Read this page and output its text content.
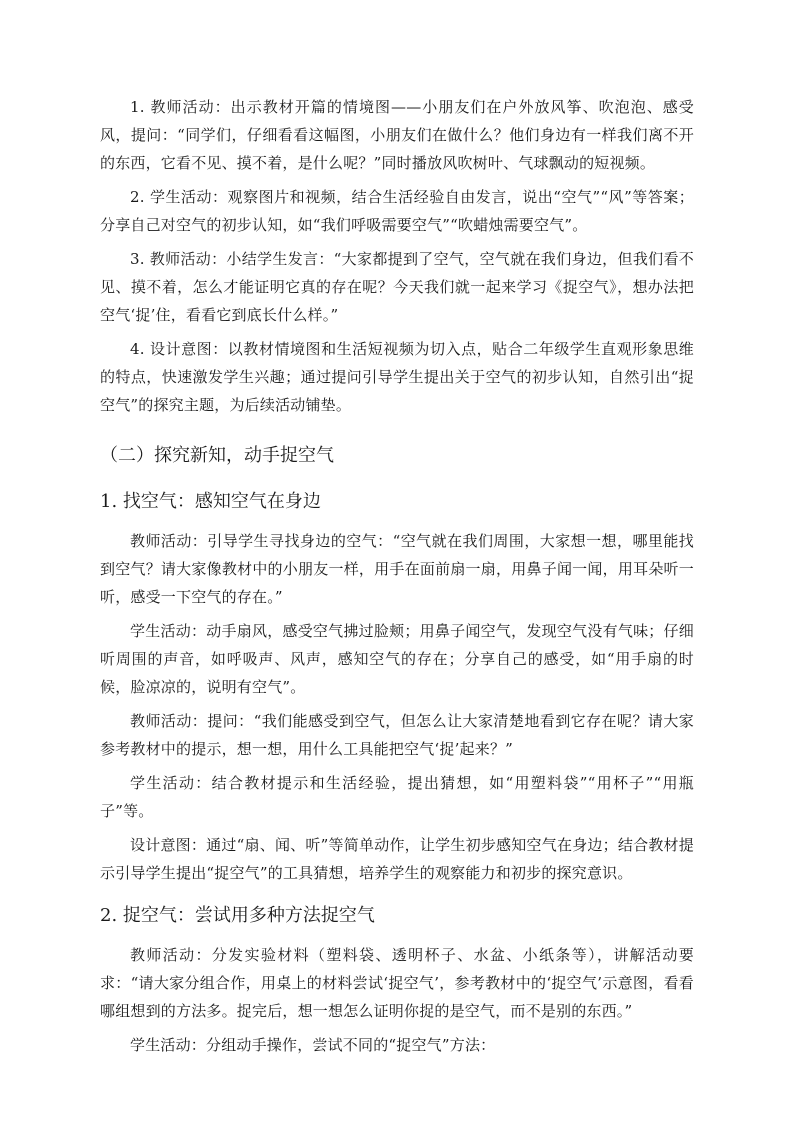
1. 教师活动：出示教材开篇的情境图——小朋友们在户外放风筝、吹泡泡、感受风，提问：“同学们，仔细看看这幅图，小朋友们在做什么？他们身边有一样我们离不开的东西，它看不见、摸不着，是什么呢？”同时播放风吹树叶、气球飘动的短视频。

2. 学生活动：观察图片和视频，结合生活经验自由发言，说出“空气”“风”等答案；分享自己对空气的初步认知，如“我们呼吸需要空气”“吹蜡烛需要空气”。

3. 教师活动：小结学生发言：“大家都提到了空气，空气就在我们身边，但我们看不见、摸不着，怎么才能证明它真的存在呢？今天我们就一起来学习《捉空气》，想办法把空气‘捉’住，看看它到底长什么样。”

4. 设计意图：以教材情境图和生活短视频为切入点，贴合二年级学生直观形象思维的特点，快速激发学生兴趣；通过提问引导学生提出关于空气的初步认知，自然引出“捉空气”的探究主题，为后续活动铺垫。

（二）探究新知，动手捉空气
1. 找空气：感知空气在身边

教师活动：引导学生寻找身边的空气：“空气就在我们周围，大家想一想，哪里能找到空气？请大家像教材中的小朋友一样，用手在面前扇一扇，用鼻子闻一闻，用耳朵听一听，感受一下空气的存在。”

学生活动：动手扇风，感受空气拂过脸颊；用鼻子闻空气，发现空气没有气味；仔细听周围的声音，如呼吸声、风声，感知空气的存在；分享自己的感受，如“用手扇的时候，脸凉凉的，说明有空气”。

教师活动：提问：“我们能感受到空气，但怎么让大家清楚地看到它存在呢？请大家参考教材中的提示，想一想，用什么工具能把空气‘捉’起来？”

学生活动：结合教材提示和生活经验，提出猜想，如“用塑料袋”“用杯子”“用瓶子”等。

设计意图：通过“扇、闻、听”等简单动作，让学生初步感知空气在身边；结合教材提示引导学生提出“捉空气”的工具猜想，培养学生的观察能力和初步的探究意识。

2. 捉空气：尝试用多种方法捉空气

教师活动：分发实验材料（塑料袋、透明杯子、水盆、小纸条等），讲解活动要求：“请大家分组合作，用桌上的材料尝试‘捉空气’，参考教材中的‘捉空气’示意图，看看哪组想到的方法多。捉完后，想一想怎么证明你捉的是空气，而不是别的东西。”

学生活动：分组动手操作，尝试不同的“捉空气”方法：
